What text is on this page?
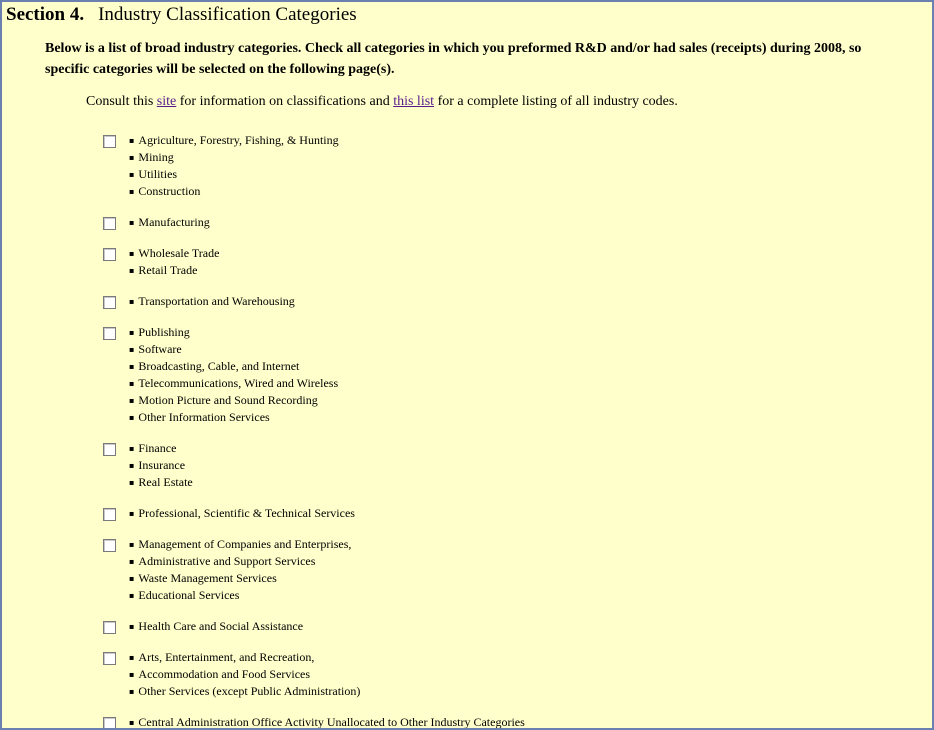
Section 4. Industry Classification Categories
Below is a list of broad industry categories. Check all categories in which you preformed R&D and/or had sales (receipts) during 2008, so
specific categories will be selected on the following page(s).
Consult this site for information on classifications and this list for a complete listing of all industry codes.
▪ Agriculture, Forestry, Fishing, & Hunting
▪ Mining
▪ Utilities
▪ Construction
▪ Manufacturing
▪ Wholesale Trade
▪ Retail Trade
▪ Transportation and Warehousing
▪ Publishing
▪ Software
▪ Broadcasting, Cable, and Internet
▪ Telecommunications, Wired and Wireless
▪ Motion Picture and Sound Recording
▪ Other Information Services
▪ Finance
▪ Insurance
▪ Real Estate
▪ Professional, Scientific & Technical Services
▪ Management of Companies and Enterprises,
▪ Administrative and Support Services
▪ Waste Management Services
▪ Educational Services
▪ Health Care and Social Assistance
▪ Arts, Entertainment, and Recreation,
▪ Accommodation and Food Services
▪ Other Services (except Public Administration)
▪ Central Administration Office Activity Unallocated to Other Industry Categories
